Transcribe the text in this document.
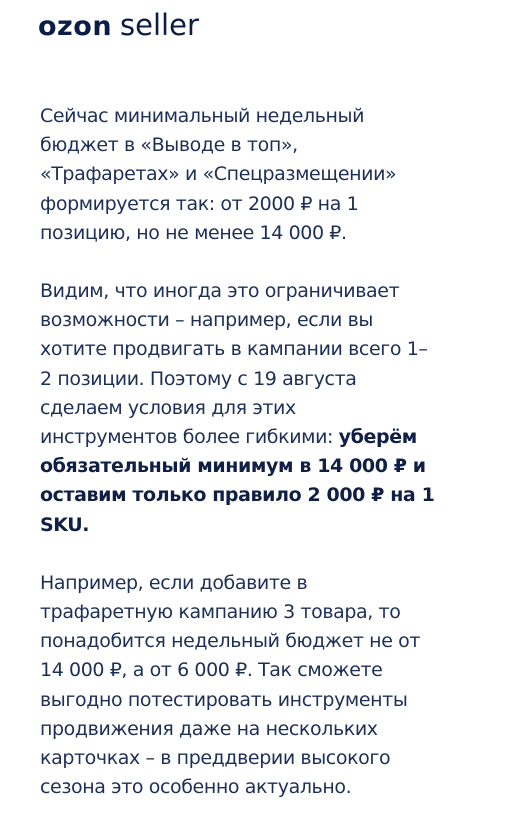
ozon seller

Сейчас минимальный недельный
бюджет в «Выводе в топ»,
«Трафаретах» и «Спецразмещении»
формируется так: от 2000 ₽ на 1
позицию, но не менее 14 000 ₽.

Видим, что иногда это ограничивает
возможности – например, если вы
хотите продвигать в кампании всего 1–
2 позиции. Поэтому с 19 августа
сделаем условия для этих
инструментов более гибкими: уберём
обязательный минимум в 14 000 ₽ и
оставим только правило 2 000 ₽ на 1
SKU.

Например, если добавите в
трафаретную кампанию 3 товара, то
понадобится недельный бюджет не от
14 000 ₽, а от 6 000 ₽. Так сможете
выгодно потестировать инструменты
продвижения даже на нескольких
карточках – в преддверии высокого
сезона это особенно актуально.
